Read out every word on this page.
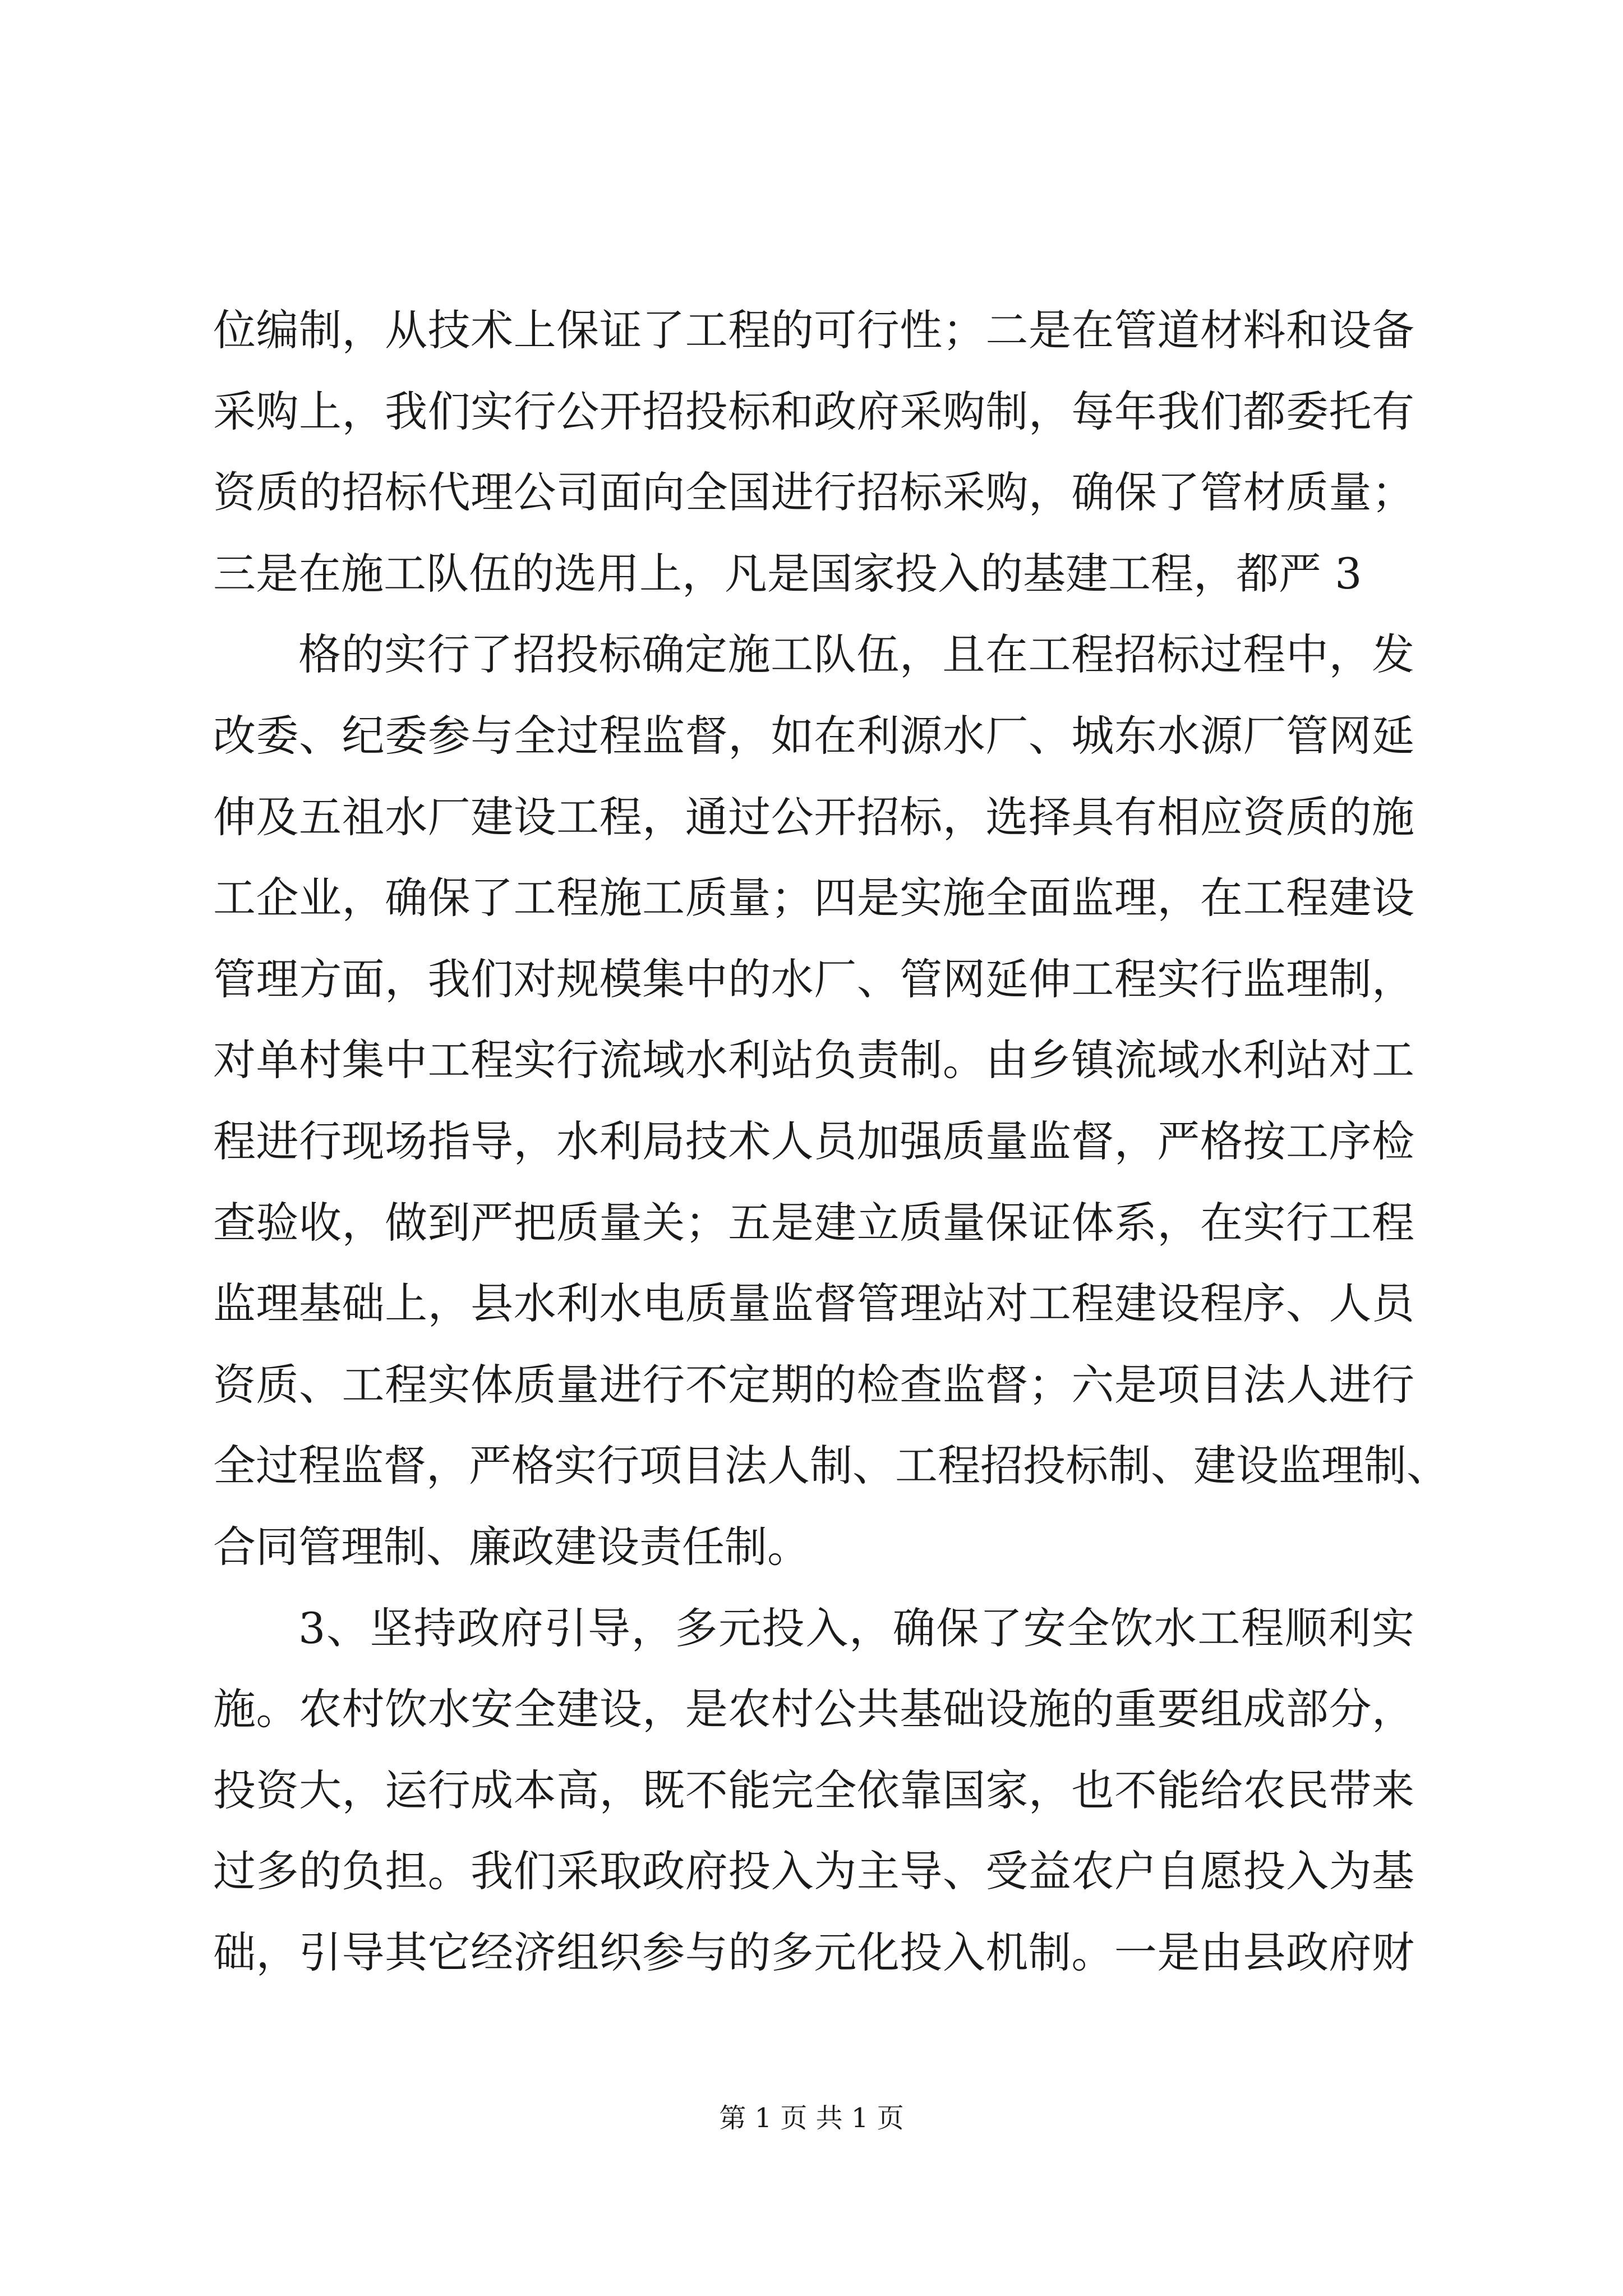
位编制，从技术上保证了工程的可行性；二是在管道材料和设备
采购上，我们实行公开招投标和政府采购制，每年我们都委托有
资质的招标代理公司面向全国进行招标采购，确保了管材质量；
三是在施工队伍的选用上，凡是国家投入的基建工程，都严 3
格的实行了招投标确定施工队伍，且在工程招标过程中，发
改委、纪委参与全过程监督，如在利源水厂、城东水源厂管网延
伸及五祖水厂建设工程，通过公开招标，选择具有相应资质的施
工企业，确保了工程施工质量；四是实施全面监理，在工程建设
管理方面，我们对规模集中的水厂、管网延伸工程实行监理制，
对单村集中工程实行流域水利站负责制。由乡镇流域水利站对工
程进行现场指导，水利局技术人员加强质量监督，严格按工序检
查验收，做到严把质量关；五是建立质量保证体系，在实行工程
监理基础上，县水利水电质量监督管理站对工程建设程序、人员
资质、工程实体质量进行不定期的检查监督；六是项目法人进行
全过程监督，严格实行项目法人制、工程招投标制、建设监理制、
合同管理制、廉政建设责任制。
3、坚持政府引导，多元投入，确保了安全饮水工程顺利实
施。农村饮水安全建设，是农村公共基础设施的重要组成部分，
投资大，运行成本高，既不能完全依靠国家，也不能给农民带来
过多的负担。我们采取政府投入为主导、受益农户自愿投入为基
础，引导其它经济组织参与的多元化投入机制。一是由县政府财
第 1 页 共 1 页
